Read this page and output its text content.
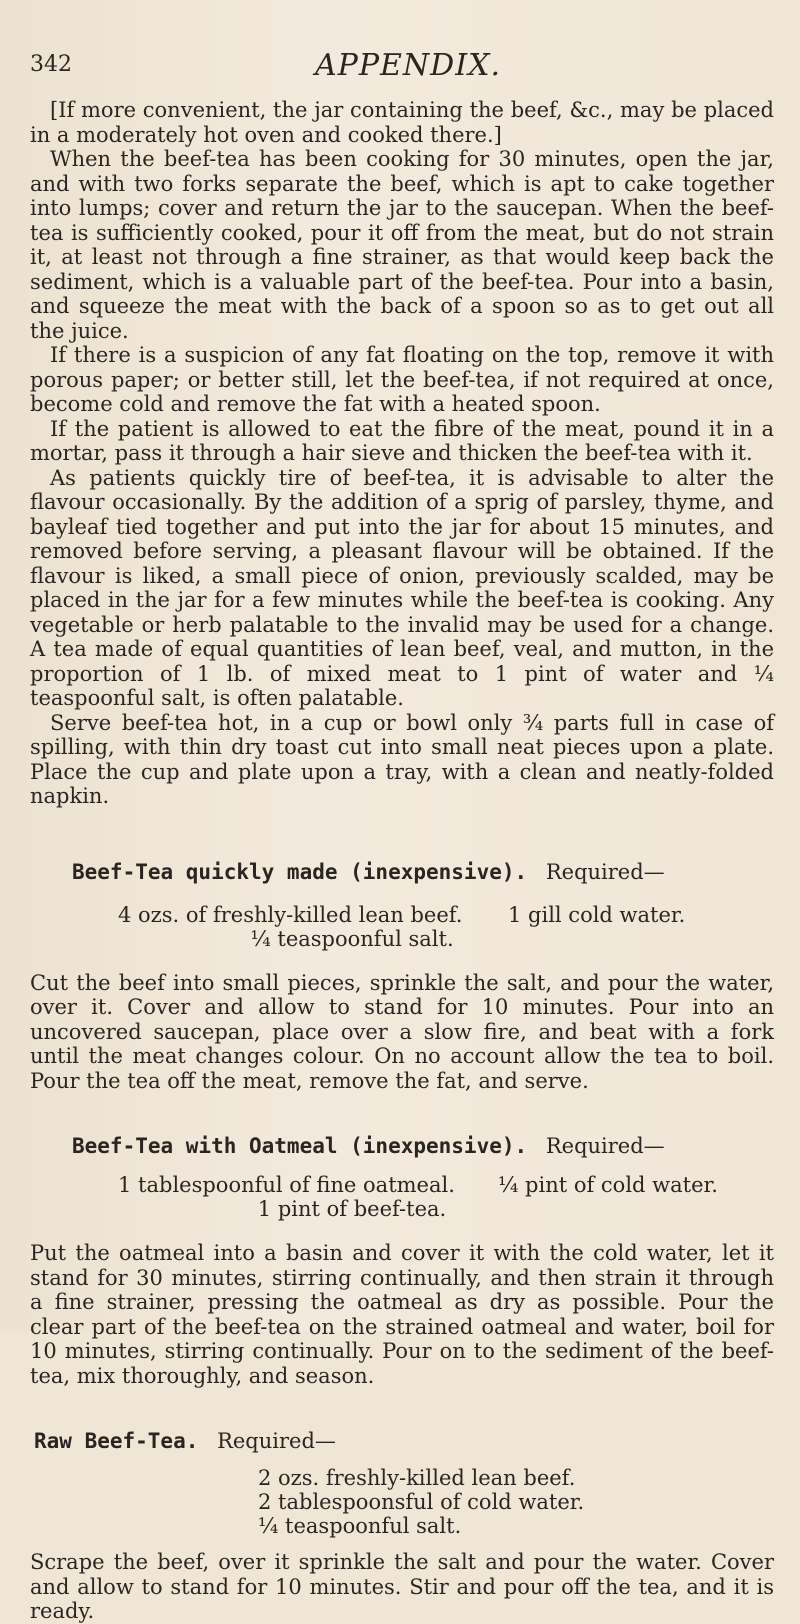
342	APPENDIX.

[If more convenient, the jar containing the beef, &c., may be placed in a moderately hot oven and cooked there.]

When the beef-tea has been cooking for 30 minutes, open the jar, and with two forks separate the beef, which is apt to cake together into lumps; cover and return the jar to the saucepan. When the beef-tea is sufficiently cooked, pour it off from the meat, but do not strain it, at least not through a fine strainer, as that would keep back the sediment, which is a valuable part of the beef-tea. Pour into a basin, and squeeze the meat with the back of a spoon so as to get out all the juice.

If there is a suspicion of any fat floating on the top, remove it with porous paper; or better still, let the beef-tea, if not required at once, become cold and remove the fat with a heated spoon.

If the patient is allowed to eat the fibre of the meat, pound it in a mortar, pass it through a hair sieve and thicken the beef-tea with it.

As patients quickly tire of beef-tea, it is advisable to alter the flavour occasionally. By the addition of a sprig of parsley, thyme, and bayleaf tied together and put into the jar for about 15 minutes, and removed before serving, a pleasant flavour will be obtained. If the flavour is liked, a small piece of onion, previously scalded, may be placed in the jar for a few minutes while the beef-tea is cooking. Any vegetable or herb palatable to the invalid may be used for a change. A tea made of equal quantities of lean beef, veal, and mutton, in the proportion of 1 lb. of mixed meat to 1 pint of water and ¼ teaspoonful salt, is often palatable.

Serve beef-tea hot, in a cup or bowl only ¾ parts full in case of spilling, with thin dry toast cut into small neat pieces upon a plate. Place the cup and plate upon a tray, with a clean and neatly-folded napkin.

Beef-Tea quickly made (inexpensive). Required—
4 ozs. of freshly-killed lean beef.	1 gill cold water.
¼ teaspoonful salt.

Cut the beef into small pieces, sprinkle the salt, and pour the water, over it. Cover and allow to stand for 10 minutes. Pour into an uncovered saucepan, place over a slow fire, and beat with a fork until the meat changes colour. On no account allow the tea to boil. Pour the tea off the meat, remove the fat, and serve.

Beef-Tea with Oatmeal (inexpensive). Required—
1 tablespoonful of fine oatmeal.	¼ pint of cold water.
1 pint of beef-tea.

Put the oatmeal into a basin and cover it with the cold water, let it stand for 30 minutes, stirring continually, and then strain it through a fine strainer, pressing the oatmeal as dry as possible. Pour the clear part of the beef-tea on the strained oatmeal and water, boil for 10 minutes, stirring continually. Pour on to the sediment of the beef-tea, mix thoroughly, and season.

Raw Beef-Tea. Required—
2 ozs. freshly-killed lean beef.
2 tablespoonsful of cold water.
¼ teaspoonful salt.

Scrape the beef, over it sprinkle the salt and pour the water. Cover and allow to stand for 10 minutes. Stir and pour off the tea, and it is ready.
